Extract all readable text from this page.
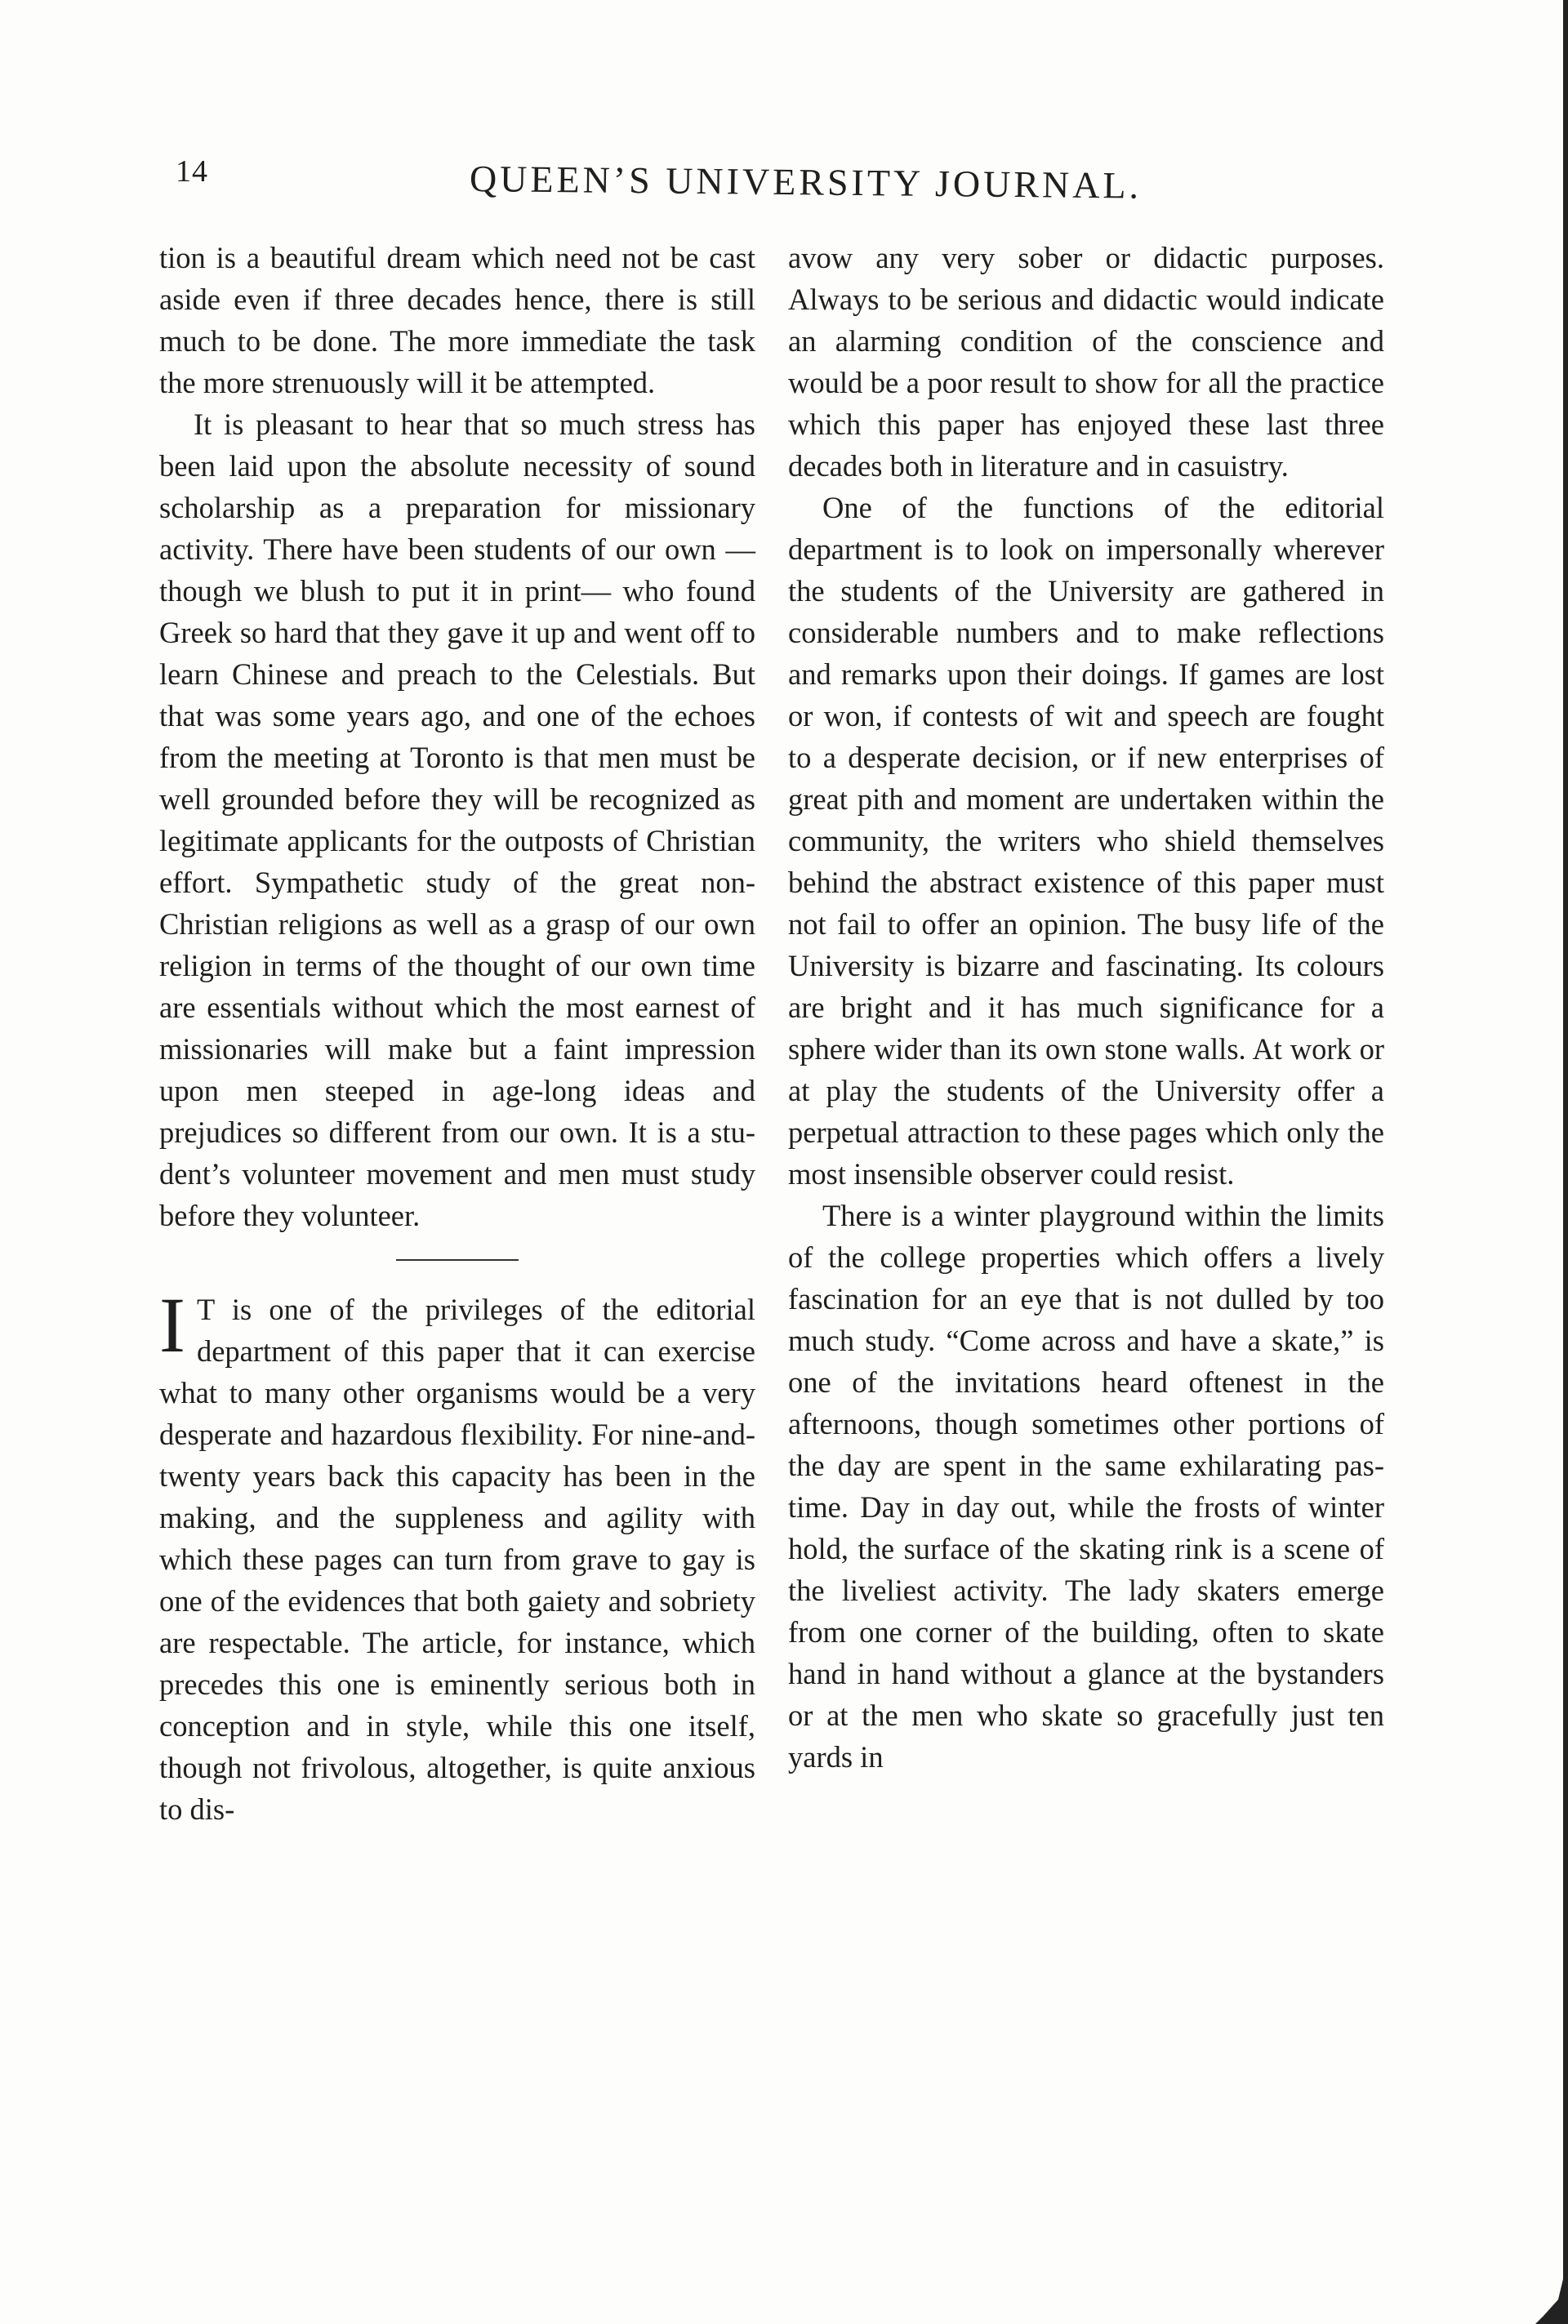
14	QUEEN’S UNIVERSITY JOURNAL.

tion is a beautiful dream which need not be cast aside even if three decades hence, there is still much to be done. The more immediate the task the more strenuously will it be attempted.

It is pleasant to hear that so much stress has been laid upon the absolute necessity of sound scholarship as a preparation for missionary activity. There have been students of our own —though we blush to put it in print— who found Greek so hard that they gave it up and went off to learn Chinese and preach to the Celestials. But that was some years ago, and one of the echoes from the meeting at Toronto is that men must be well grounded before they will be recognized as legitimate applicants for the outposts of Christian effort. Sympathetic study of the great non-Christian religions as well as a grasp of our own religion in terms of the thought of our own time are essentials without which the most earnest of missionaries will make but a faint impression upon men steeped in age-long ideas and prejudices so different from our own. It is a student’s volunteer movement and men must study before they volunteer.

I T is one of the privileges of the editorial department of this paper that it can exercise what to many other organisms would be a very desperate and hazardous flexibility. For nine-and-twenty years back this capacity has been in the making, and the suppleness and agility with which these pages can turn from grave to gay is one of the evidences that both gaiety and sobriety are respectable. The article, for instance, which precedes this one is eminently serious both in conception and in style, while this one itself, though not frivolous, altogether, is quite anxious to dis-

avow any very sober or didactic purposes. Always to be serious and didactic would indicate an alarming condition of the conscience and would be a poor result to show for all the practice which this paper has enjoyed these last three decades both in literature and in casuistry.

One of the functions of the editorial department is to look on impersonally wherever the students of the University are gathered in considerable numbers and to make reflections and remarks upon their doings. If games are lost or won, if contests of wit and speech are fought to a desperate decision, or if new enterprises of great pith and moment are undertaken within the community, the writers who shield themselves behind the abstract existence of this paper must not fail to offer an opinion. The busy life of the University is bizarre and fascinating. Its colours are bright and it has much significance for a sphere wider than its own stone walls. At work or at play the students of the University offer a perpetual attraction to these pages which only the most insensible observer could resist.

There is a winter playground within the limits of the college properties which offers a lively fascination for an eye that is not dulled by too much study. “Come across and have a skate,” is one of the invitations heard oftenest in the afternoons, though sometimes other portions of the day are spent in the same exhilarating pastime. Day in day out, while the frosts of winter hold, the surface of the skating rink is a scene of the liveliest activity. The lady skaters emerge from one corner of the building, often to skate hand in hand without a glance at the bystanders or at the men who skate so gracefully just ten yards in
